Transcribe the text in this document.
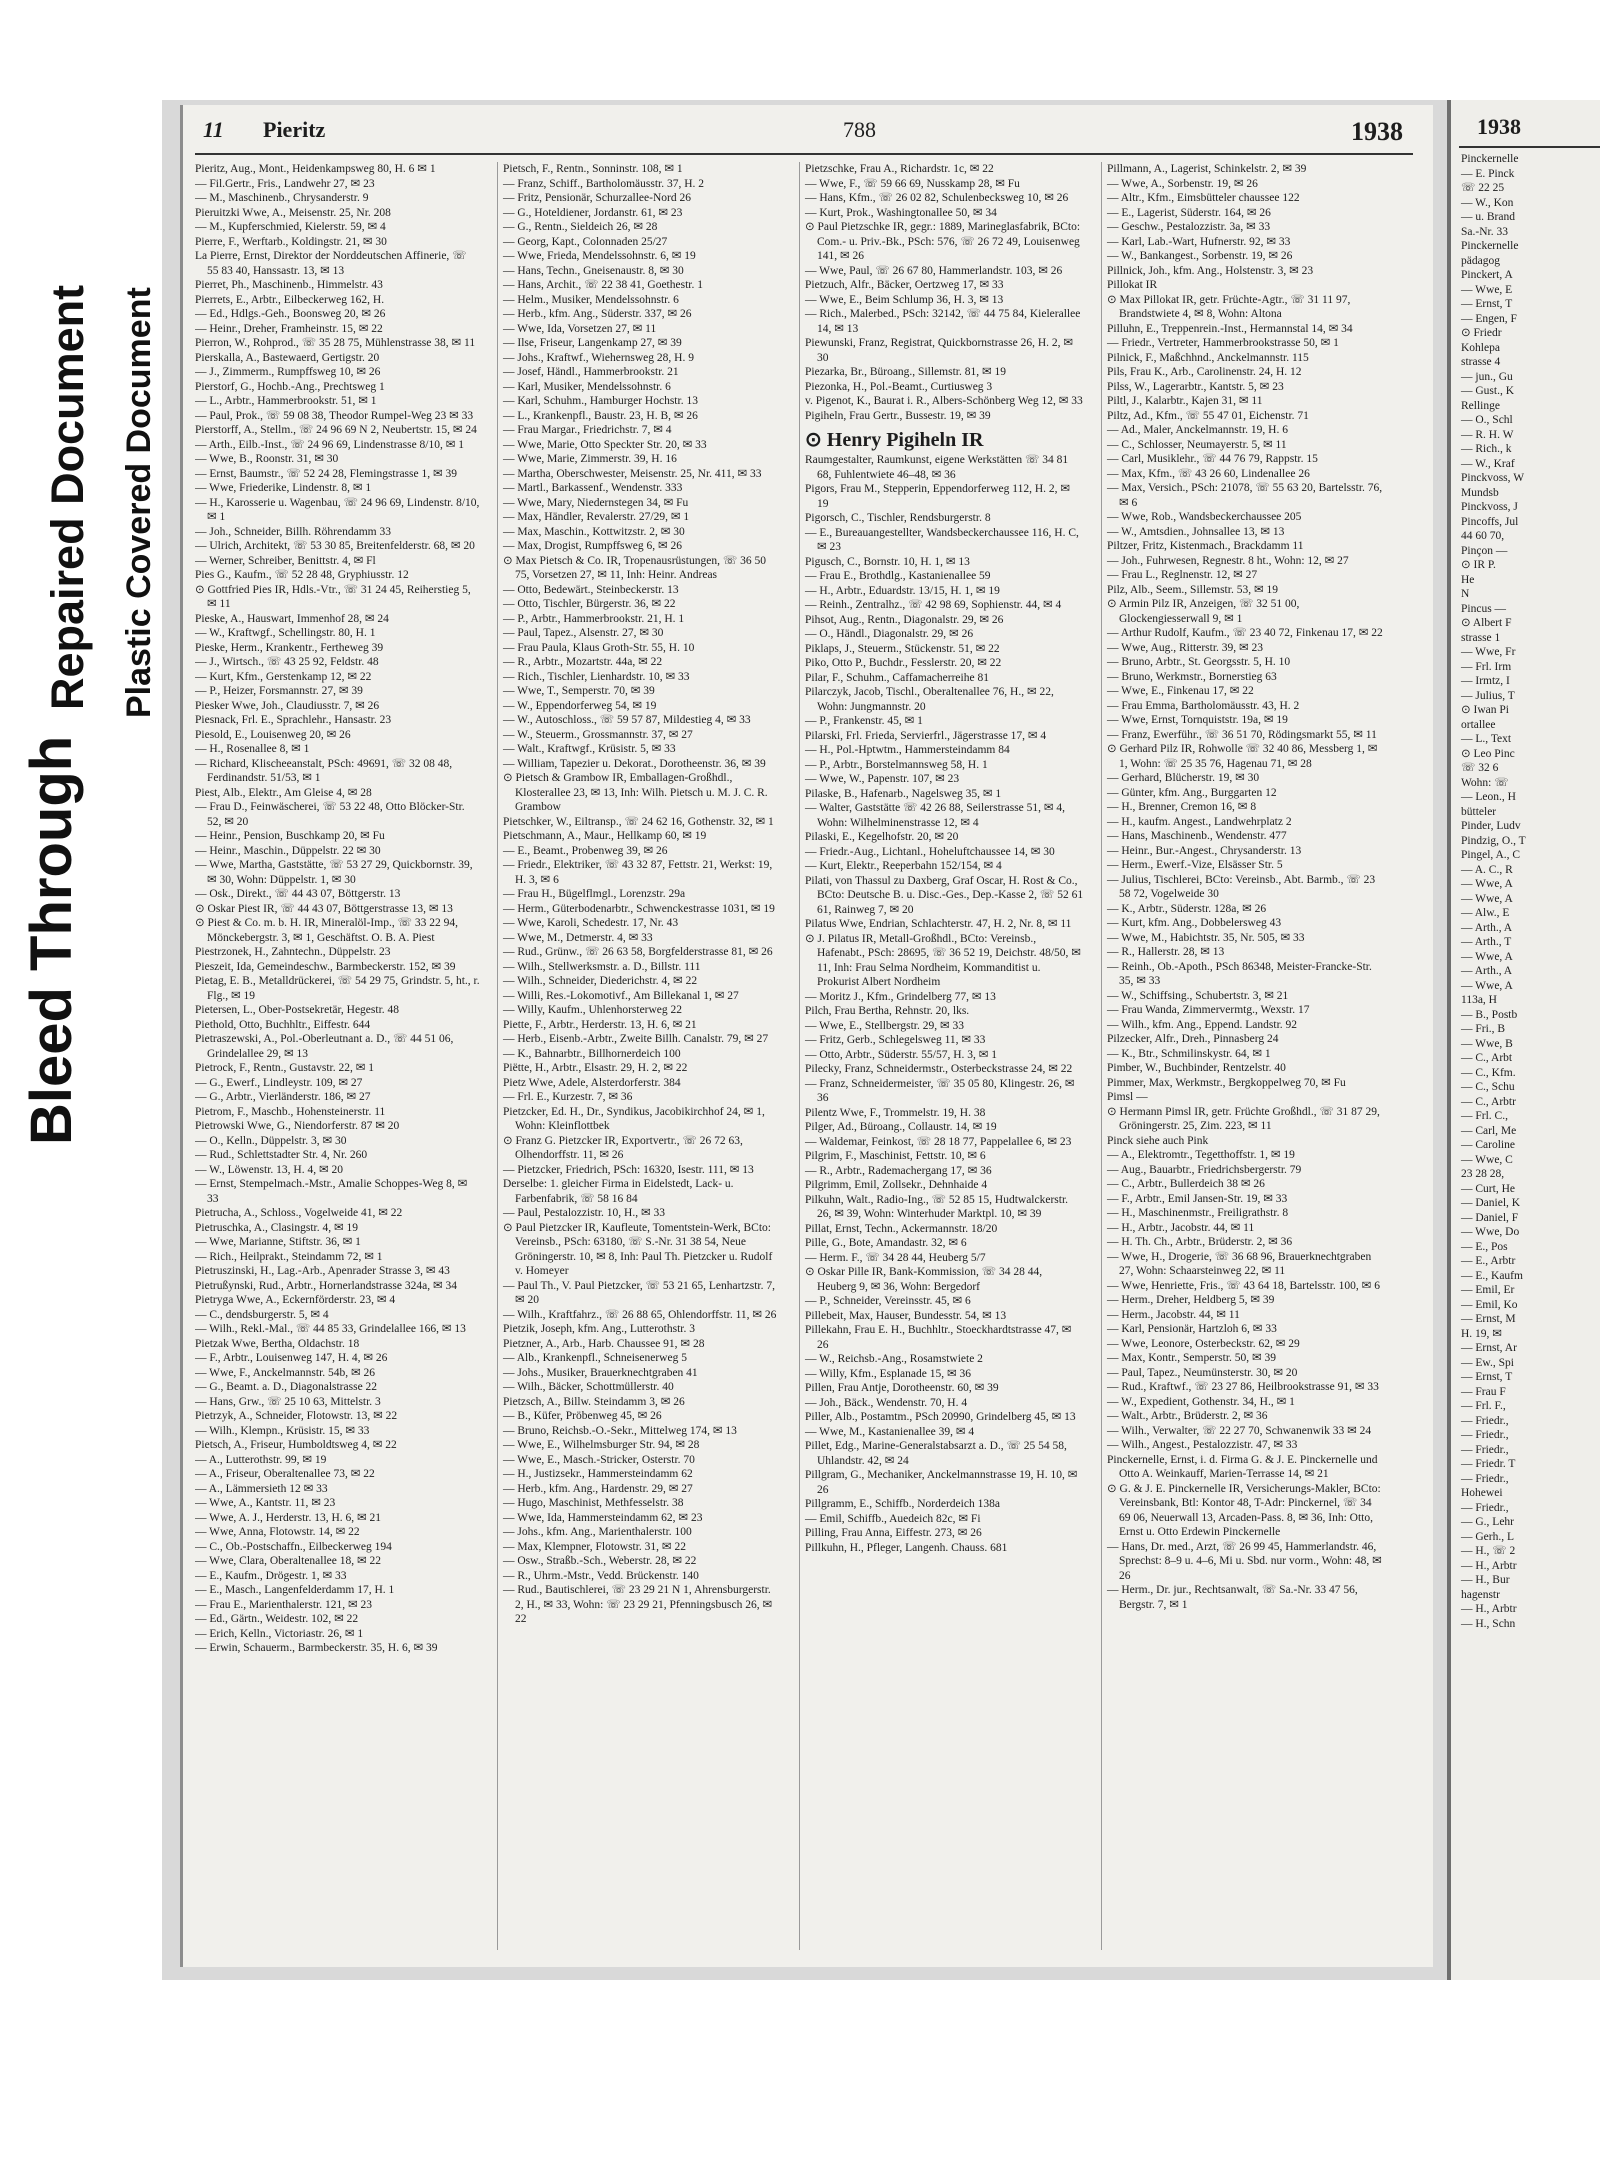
Bleed Through
Repaired Document Plastic Covered Document
11 Pieritz	788	1938
Pieritz, Aug., Mont., Heidenkampsweg 80, H. 6 ✉ 1
— Fil.Gertr., Fris., Landwehr 27, ✉ 23
— M., Maschinenb., Chrysanderstr. 9
Pieruitzki Wwe, A., Meisenstr. 25, Nr. 208
— M., Kupferschmied, Kielerstr. 59, ✉ 4
Pierre, F., Werftarb., Koldingstr. 21, ✉ 30
La Pierre, Ernst, Direktor der Norddeutschen Affinerie, ☏ 55 83 40, Hanssastr. 13, ✉ 13
Pierret, Ph., Maschinenb., Himmelstr. 43
Pierrets, E., Arbtr., Eilbeckerweg 162, H.
— Ed., Hdlgs.-Geh., Boonsweg 20, ✉ 26
— Heinr., Dreher, Framheinstr. 15, ✉ 22
Pierron, W., Rohprod., ☏ 35 28 75, Mühlenstrasse 38, ✉ 11
Pierskalla, A., Bastewaerd, Gertigstr. 20
— J., Zimmerm., Rumpffsweg 10, ✉ 26
Pierstorf, G., Hochb.-Ang., Prechtsweg 1
— L., Arbtr., Hammerbrookstr. 51, ✉ 1
— Paul, Prok., ☏ 59 08 38, Theodor Rumpel-Weg 23 ✉ 33
Pierstorff, A., Stellm., ☏ 24 96 69 N 2, Neubertstr. 15, ✉ 24
— Arth., Eilb.-Inst., ☏ 24 96 69, Lindenstrasse 8/10, ✉ 1
— Wwe, B., Roonstr. 31, ✉ 30
— Ernst, Baumstr., ☏ 52 24 28, Flemingstrasse 1, ✉ 39
— Wwe, Friederike, Lindenstr. 8, ✉ 1
— H., Karosserie u. Wagenbau, ☏ 24 96 69, Lindenstr. 8/10, ✉ 1
— Joh., Schneider, Billh. Röhrendamm 33
— Ulrich, Architekt, ☏ 53 30 85, Breitenfelderstr. 68, ✉ 20
— Werner, Schreiber, Benittstr. 4, ✉ Fl
Pies G., Kaufm., ☏ 52 28 48, Gryphiusstr. 12
⊙ Gottfried Pies IR, Hdls.-Vtr., ☏ 31 24 45, Reiherstieg 5, ✉ 11
Pieske, A., Hauswart, Immenhof 28, ✉ 24
— W., Kraftwgf., Schellingstr. 80, H. 1
Pieske, Herm., Krankentr., Fertheweg 39
— J., Wirtsch., ☏ 43 25 92, Feldstr. 48
— Kurt, Kfm., Gerstenkamp 12, ✉ 22
— P., Heizer, Forsmannstr. 27, ✉ 39
Piesker Wwe, Joh., Claudiusstr. 7, ✉ 26
Piesnack, Frl. E., Sprachlehr., Hansastr. 23
Piesold, E., Louisenweg 20, ✉ 26
— H., Rosenallee 8, ✉ 1
— Richard, Klischeeanstalt, PSch: 49691, ☏ 32 08 48, Ferdinandstr. 51/53, ✉ 1
Piest, Alb., Elektr., Am Gleise 4, ✉ 28
— Frau D., Feinwäscherei, ☏ 53 22 48, Otto Blöcker-Str. 52, ✉ 20
— Heinr., Pension, Buschkamp 20, ✉ Fu
— Heinr., Maschin., Düppelstr. 22 ✉ 30
— Wwe, Martha, Gaststätte, ☏ 53 27 29, Quickbornstr. 39, ✉ 30, Wohn: Düppelstr. 1, ✉ 30
— Osk., Direkt., ☏ 44 43 07, Böttgerstr. 13
⊙ Oskar Piest IR, ☏ 44 43 07, Böttgerstrasse 13, ✉ 13
⊙ Piest & Co. m. b. H. IR, Mineralöl-Imp., ☏ 33 22 94, Mönckebergstr. 3, ✉ 1, Geschäftst. O. B. A. Piest
Piestrzonek, H., Zahntechn., Düppelstr. 23
Pieszeit, Ida, Gemeindeschw., Barmbeckerstr. 152, ✉ 39
Pietag, E. B., Metalldrückerei, ☏ 54 29 75, Grindstr. 5, ht., r. Flg., ✉ 19
Pietersen, L., Ober-Postsekretär, Hegestr. 48
Piethold, Otto, Buchhltr., Eiffestr. 644
Pietraszewski, A., Pol.-Oberleutnant a. D., ☏ 44 51 06, Grindelallee 29, ✉ 13
Pietrock, F., Rentn., Gustavstr. 22, ✉ 1
— G., Ewerf., Lindleystr. 109, ✉ 27
— G., Arbtr., Vierländerstr. 186, ✉ 27
Pietrom, F., Maschb., Hohensteinerstr. 11
Pietrowski Wwe, G., Niendorferstr. 87 ✉ 20
— O., Kelln., Düppelstr. 3, ✉ 30
— Rud., Schlettstadter Str. 4, Nr. 260
— W., Löwenstr. 13, H. 4, ✉ 20
— Ernst, Stempelmach.-Mstr., Amalie Schoppes-Weg 8, ✉ 33
Pietrucha, A., Schloss., Vogelweide 41, ✉ 22
Pietruschka, A., Clasingstr. 4, ✉ 19
— Wwe, Marianne, Stiftstr. 36, ✉ 1
— Rich., Heilprakt., Steindamm 72, ✉ 1
Pietruszinski, H., Lag.-Arb., Apenrader Strasse 3, ✉ 43
Pietrußynski, Rud., Arbtr., Hornerlandstrasse 324a, ✉ 34
Pietryga Wwe, A., Eckernförderstr. 23, ✉ 4
— C., dendsburgerstr. 5, ✉ 4
— Wilh., Rekl.-Mal., ☏ 44 85 33, Grindelallee 166, ✉ 13
Pietzak Wwe, Bertha, Oldachstr. 18
— F., Arbtr., Louisenweg 147, H. 4, ✉ 26
— Wwe, F., Anckelmannstr. 54b, ✉ 26
— G., Beamt. a. D., Diagonalstrasse 22
— Hans, Grw., ☏ 25 10 63, Mittelstr. 3
Pietrzyk, A., Schneider, Flotowstr. 13, ✉ 22
— Wilh., Klempn., Krüsistr. 15, ✉ 33
Pietsch, A., Friseur, Humboldtsweg 4, ✉ 22
— A., Lutterothstr. 99, ✉ 19
— A., Friseur, Oberaltenallee 73, ✉ 22
— A., Lämmersieth 12 ✉ 33
— Wwe, A., Kantstr. 11, ✉ 23
— Wwe, A. J., Herderstr. 13, H. 6, ✉ 21
— Wwe, Anna, Flotowstr. 14, ✉ 22
— C., Ob.-Postschaffn., Eilbeckerweg 194
— Wwe, Clara, Oberaltenallee 18, ✉ 22
— E., Kaufm., Drögestr. 1, ✉ 33
— E., Masch., Langenfelderdamm 17, H. 1
— Frau E., Marienthalerstr. 121, ✉ 23
— Ed., Gärtn., Weidestr. 102, ✉ 22
— Erich, Kelln., Victoriastr. 26, ✉ 1
— Erwin, Schauerm., Barmbeckerstr. 35, H. 6, ✉ 39
Pietsch, F., Rentn., Sonninstr. 108, ✉ 1
— Franz, Schiff., Bartholomäusstr. 37, H. 2
— Fritz, Pensionär, Schurzallee-Nord 26
— G., Hoteldiener, Jordanstr. 61, ✉ 23
— G., Rentn., Sieldeich 26, ✉ 28
— Georg, Kapt., Colonnaden 25/27
— Wwe, Frieda, Mendelssohnstr. 6, ✉ 19
— Hans, Techn., Gneisenaustr. 8, ✉ 30
— Hans, Archit., ☏ 22 38 41, Goethestr. 1
— Helm., Musiker, Mendelssohnstr. 6
— Herb., kfm. Ang., Süderstr. 337, ✉ 26
— Wwe, Ida, Vorsetzen 27, ✉ 11
— Ilse, Friseur, Langenkamp 27, ✉ 39
— Johs., Kraftwf., Wiehernsweg 28, H. 9
— Josef, Händl., Hammerbrookstr. 21
— Karl, Musiker, Mendelssohnstr. 6
— Karl, Schuhm., Hamburger Hochstr. 13
— L., Krankenpfl., Baustr. 23, H. B, ✉ 26
— Frau Margar., Friedrichstr. 7, ✉ 4
— Wwe, Marie, Otto Speckter Str. 20, ✉ 33
— Wwe, Marie, Zimmerstr. 39, H. 16
— Martha, Oberschwester, Meisenstr. 25, Nr. 411, ✉ 33
— Martl., Barkassenf., Wendenstr. 333
— Wwe, Mary, Niedernstegen 34, ✉ Fu
— Max, Händler, Revalerstr. 27/29, ✉ 1
— Max, Maschin., Kottwitzstr. 2, ✉ 30
— Max, Drogist, Rumpffsweg 6, ✉ 26
⊙ Max Pietsch & Co. IR, Tropenausrüstungen, ☏ 36 50 75, Vorsetzen 27, ✉ 11, Inh: Heinr. Andreas
— Otto, Bedewärt., Steinbeckerstr. 13
— Otto, Tischler, Bürgerstr. 36, ✉ 22
— P., Arbtr., Hammerbrookstr. 21, H. 1
— Paul, Tapez., Alsenstr. 27, ✉ 30
— Frau Paula, Klaus Groth-Str. 55, H. 10
— R., Arbtr., Mozartstr. 44a, ✉ 22
— Rich., Tischler, Lienhardstr. 10, ✉ 33
— Wwe, T., Semperstr. 70, ✉ 39
— W., Eppendorferweg 54, ✉ 19
— W., Autoschloss., ☏ 59 57 87, Mildestieg 4, ✉ 33
— W., Steuerm., Grossmannstr. 37, ✉ 27
— Walt., Kraftwgf., Krüsistr. 5, ✉ 33
— William, Tapezier u. Dekorat., Dorotheenstr. 36, ✉ 39
⊙ Pietsch & Grambow IR, Emballagen-Großhdl., Klosterallee 23, ✉ 13, Inh: Wilh. Pietsch u. M. J. C. R. Grambow
Pietschker, W., Eiltransp., ☏ 24 62 16, Gothenstr. 32, ✉ 1
Pietschmann, A., Maur., Hellkamp 60, ✉ 19
— E., Beamt., Probenweg 39, ✉ 26
— Friedr., Elektriker, ☏ 43 32 87, Fettstr. 21, Werkst: 19, H. 3, ✉ 6
— Frau H., Bügelflmgl., Lorenzstr. 29a
— Herm., Güterbodenarbtr., Schwenckestrasse 1031, ✉ 19
— Wwe, Karoli, Schedestr. 17, Nr. 43
— Wwe, M., Detmerstr. 4, ✉ 33
— Rud., Grünw., ☏ 26 63 58, Borgfelderstrasse 81, ✉ 26
— Wilh., Stellwerksmstr. a. D., Billstr. 111
— Wilh., Schneider, Diederichstr. 4, ✉ 22
— Willi, Res.-Lokomotivf., Am Billekanal 1, ✉ 27
— Willy, Kaufm., Uhlenhorsterweg 22
Piette, F., Arbtr., Herderstr. 13, H. 6, ✉ 21
— Herb., Eisenb.-Arbtr., Zweite Billh. Canalstr. 79, ✉ 27
— K., Bahnarbtr., Billhornerdeich 100
Piëtte, H., Arbtr., Elsastr. 29, H. 2, ✉ 22
Pietz Wwe, Adele, Alsterdorferstr. 384
— Frl. E., Kurzestr. 7, ✉ 36
Pietzcker, Ed. H., Dr., Syndikus, Jacobikirchhof 24, ✉ 1, Wohn: Kleinflottbek
⊙ Franz G. Pietzcker IR, Exportvertr., ☏ 26 72 63, Olhendorffstr. 11, ✉ 26
— Pietzcker, Friedrich, PSch: 16320, Isestr. 111, ✉ 13
Derselbe: 1. gleicher Firma in Eidelstedt, Lack- u. Farbenfabrik, ☏ 58 16 84
— Paul, Pestalozzistr. 10, H., ✉ 33
⊙ Paul Pietzcker IR, Kaufleute, Tomentstein-Werk, BCto: Vereinsb., PSch: 63180, ☏ S.-Nr. 31 38 54, Neue Gröningerstr. 10, ✉ 8, Inh: Paul Th. Pietzcker u. Rudolf v. Homeyer
— Paul Th., V. Paul Pietzcker, ☏ 53 21 65, Lenhartzstr. 7, ✉ 20
— Wilh., Kraftfahrz., ☏ 26 88 65, Ohlendorffstr. 11, ✉ 26
Pietzik, Joseph, kfm. Ang., Lutterothstr. 3
Pietzner, A., Arb., Harb. Chaussee 91, ✉ 28
— Alb., Krankenpfl., Schneisenerweg 5
— Johs., Musiker, Brauerknechtgraben 41
— Wilh., Bäcker, Schottmüllerstr. 40
Pietzsch, A., Billw. Steindamm 3, ✉ 26
— B., Küfer, Pröbenweg 45, ✉ 26
— Bruno, Reichsb.-O.-Sekr., Mittelweg 174, ✉ 13
— Wwe, E., Wilhelmsburger Str. 94, ✉ 28
— Wwe, E., Masch.-Stricker, Osterstr. 70
— H., Justizsekr., Hammersteindamm 62
— Herb., kfm. Ang., Hardenstr. 29, ✉ 27
— Hugo, Maschinist, Methfesselstr. 38
— Wwe, Ida, Hammersteindamm 62, ✉ 23
— Johs., kfm. Ang., Marienthalerstr. 100
— Max, Klempner, Flotowstr. 31, ✉ 22
— Osw., Straßb.-Sch., Weberstr. 28, ✉ 22
— R., Uhrm.-Mstr., Vedd. Brückenstr. 140
— Rud., Bautischlerei, ☏ 23 29 21 N 1, Ahrensburgerstr. 2, H., ✉ 33, Wohn: ☏ 23 29 21, Pfenningsbusch 26, ✉ 22
Pietzschke, Frau A., Richardstr. 1c, ✉ 22
— Wwe, F., ☏ 59 66 69, Nusskamp 28, ✉ Fu
— Hans, Kfm., ☏ 26 02 82, Schulenbecksweg 10, ✉ 26
— Kurt, Prok., Washingtonallee 50, ✉ 34
⊙ Paul Pietzschke IR, gegr.: 1889, Marineglasfabrik, BCto: Com.- u. Priv.-Bk., PSch: 576, ☏ 26 72 49, Louisenweg 141, ✉ 26
— Wwe, Paul, ☏ 26 67 80, Hammerlandstr. 103, ✉ 26
Pietzuch, Alfr., Bäcker, Oertzweg 17, ✉ 33
— Wwe, E., Beim Schlump 36, H. 3, ✉ 13
— Rich., Malerbed., PSch: 32142, ☏ 44 75 84, Kielerallee 14, ✉ 13
Piewunski, Franz, Registrat, Quickbornstrasse 26, H. 2, ✉ 30
Piezarka, Br., Büroang., Sillemstr. 81, ✉ 19
Piezonka, H., Pol.-Beamt., Curtiusweg 3
v. Pigenot, K., Baurat i. R., Albers-Schönberg Weg 12, ✉ 33
Pigiheln, Frau Gertr., Bussestr. 19, ✉ 39
⊙ Henry Pigiheln IR
Raumgestalter, Raumkunst, eigene Werkstätten ☏ 34 81 68, Fuhlentwiete 46–48, ✉ 36
Pigors, Frau M., Stepperin, Eppendorferweg 112, H. 2, ✉ 19
Pigorsch, C., Tischler, Rendsburgerstr. 8
— E., Bureauangestellter, Wandsbeckerchaussee 116, H. C, ✉ 23
Pigusch, C., Bornstr. 10, H. 1, ✉ 13
— Frau E., Brothdlg., Kastanienallee 59
— H., Arbtr., Eduardstr. 13/15, H. 1, ✉ 19
— Reinh., Zentralhz., ☏ 42 98 69, Sophienstr. 44, ✉ 4
Pihsot, Aug., Rentn., Diagonalstr. 29, ✉ 26
— O., Händl., Diagonalstr. 29, ✉ 26
Piklaps, J., Steuerm., Stückenstr. 51, ✉ 22
Piko, Otto P., Buchdr., Fesslerstr. 20, ✉ 22
Pilar, F., Schuhm., Caffamacherreihe 81
Pilarczyk, Jacob, Tischl., Oberaltenallee 76, H., ✉ 22, Wohn: Jungmannstr. 20
— P., Frankenstr. 45, ✉ 1
Pilarski, Frl. Frieda, Servierfrl., Jägerstrasse 17, ✉ 4
— H., Pol.-Hptwtm., Hammersteindamm 84
— P., Arbtr., Borstelmannsweg 58, H. 1
— Wwe, W., Papenstr. 107, ✉ 23
Pilaske, B., Hafenarb., Nagelsweg 35, ✉ 1
— Walter, Gaststätte ☏ 42 26 88, Seilerstrasse 51, ✉ 4, Wohn: Wilhelminenstrasse 12, ✉ 4
Pilaski, E., Kegelhofstr. 20, ✉ 20
— Friedr.-Aug., Lichtanl., Hoheluftchaussee 14, ✉ 30
— Kurt, Elektr., Reeperbahn 152/154, ✉ 4
Pilati, von Thassul zu Daxberg, Graf Oscar, H. Rost & Co., BCto: Deutsche B. u. Disc.-Ges., Dep.-Kasse 2, ☏ 52 61 61, Rainweg 7, ✉ 20
Pilatus Wwe, Endrian, Schlachterstr. 47, H. 2, Nr. 8, ✉ 11
⊙ J. Pilatus IR, Metall-Großhdl., BCto: Vereinsb., Hafenabt., PSch: 28695, ☏ 36 52 19, Deichstr. 48/50, ✉ 11, Inh: Frau Selma Nordheim, Kommanditist u. Prokurist Albert Nordheim
— Moritz J., Kfm., Grindelberg 77, ✉ 13
Pilch, Frau Bertha, Rehnstr. 20, lks.
— Wwe, E., Stellbergstr. 29, ✉ 33
— Fritz, Gerb., Schlegelsweg 11, ✉ 33
— Otto, Arbtr., Süderstr. 55/57, H. 3, ✉ 1
Pilecky, Franz, Schneidermstr., Osterbeckstrasse 24, ✉ 22
— Franz, Schneidermeister, ☏ 35 05 80, Klingestr. 26, ✉ 36
Pilentz Wwe, F., Trommelstr. 19, H. 38
Pilger, Ad., Büroang., Collaustr. 14, ✉ 19
— Waldemar, Feinkost, ☏ 28 18 77, Pappelallee 6, ✉ 23
Pilgrim, F., Maschinist, Fettstr. 10, ✉ 6
— R., Arbtr., Rademachergang 17, ✉ 36
Pilgrimm, Emil, Zollsekr., Dehnhaide 4
Pilkuhn, Walt., Radio-Ing., ☏ 52 85 15, Hudtwalckerstr. 26, ✉ 39, Wohn: Winterhuder Marktpl. 10, ✉ 39
Pillat, Ernst, Techn., Ackermannstr. 18/20
Pille, G., Bote, Amandastr. 32, ✉ 6
— Herm. F., ☏ 34 28 44, Heuberg 5/7
⊙ Oskar Pille IR, Bank-Kommission, ☏ 34 28 44, Heuberg 9, ✉ 36, Wohn: Bergedorf
— P., Schneider, Vereinsstr. 45, ✉ 6
Pillebeit, Max, Hauser, Bundesstr. 54, ✉ 13
Pillekahn, Frau E. H., Buchhltr., Stoeckhardtstrasse 47, ✉ 26
— W., Reichsb.-Ang., Rosamstwiete 2
— Willy, Kfm., Esplanade 15, ✉ 36
Pillen, Frau Antje, Dorotheenstr. 60, ✉ 39
— Joh., Bäck., Wendenstr. 70, H. 4
Piller, Alb., Postamtm., PSch 20990, Grindelberg 45, ✉ 13
— Wwe, M., Kastanienallee 39, ✉ 4
Pillet, Edg., Marine-Generalstabsarzt a. D., ☏ 25 54 58, Uhlandstr. 42, ✉ 24
Pillgram, G., Mechaniker, Anckelmannstrasse 19, H. 10, ✉ 26
Pillgramm, E., Schiffb., Norderdeich 138a
— Emil, Schiffb., Auedeich 82c, ✉ Fi
Pilling, Frau Anna, Eiffestr. 273, ✉ 26
Pillkuhn, H., Pfleger, Langenh. Chauss. 681
Pillmann, A., Lagerist, Schinkelstr. 2, ✉ 39
— Wwe, A., Sorbenstr. 19, ✉ 26
— Altr., Kfm., Eimsbütteler chaussee 122
— E., Lagerist, Süderstr. 164, ✉ 26
— Geschw., Pestalozzistr. 3a, ✉ 33
— Karl, Lab.-Wart, Hufnerstr. 92, ✉ 33
— W., Bankangest., Sorbenstr. 19, ✉ 26
Pillnick, Joh., kfm. Ang., Holstenstr. 3, ✉ 23
Pillokat IR
⊙ Max Pillokat IR, getr. Früchte-Agtr., ☏ 31 11 97, Brandstwiete 4, ✉ 8, Wohn: Altona
Pilluhn, E., Treppenrein.-Inst., Hermannstal 14, ✉ 34
— Friedr., Vertreter, Hammerbrookstrasse 50, ✉ 1
Pilnick, F., Maßchhnd., Anckelmannstr. 115
Pils, Frau K., Arb., Carolinenstr. 24, H. 12
Pilss, W., Lagerarbtr., Kantstr. 5, ✉ 23
Piltl, J., Kalarbtr., Kajen 31, ✉ 11
Piltz, Ad., Kfm., ☏ 55 47 01, Eichenstr. 71
— Ad., Maler, Anckelmannstr. 19, H. 6
— C., Schlosser, Neumayerstr. 5, ✉ 11
— Carl, Musiklehr., ☏ 44 76 79, Rappstr. 15
— Max, Kfm., ☏ 43 26 60, Lindenallee 26
— Max, Versich., PSch: 21078, ☏ 55 63 20, Bartelsstr. 76, ✉ 6
— Wwe, Rob., Wandsbeckerchaussee 205
— W., Amtsdien., Johnsallee 13, ✉ 13
Piltzer, Fritz, Kistenmach., Brackdamm 11
— Joh., Fuhrwesen, Regnestr. 8 ht., Wohn: 12, ✉ 27
— Frau L., Reglnenstr. 12, ✉ 27
Pilz, Alb., Seem., Sillemstr. 53, ✉ 19
⊙ Armin Pilz IR, Anzeigen, ☏ 32 51 00, Glockengiesserwall 9, ✉ 1
— Arthur Rudolf, Kaufm., ☏ 23 40 72, Finkenau 17, ✉ 22
— Wwe, Aug., Ritterstr. 39, ✉ 23
— Bruno, Arbtr., St. Georgsstr. 5, H. 10
— Bruno, Werkmstr., Bornerstieg 63
— Wwe, E., Finkenau 17, ✉ 22
— Frau Emma, Bartholomäusstr. 43, H. 2
— Wwe, Ernst, Tornquiststr. 19a, ✉ 19
— Franz, Ewerführ., ☏ 36 51 70, Rödingsmarkt 55, ✉ 11
⊙ Gerhard Pilz IR, Rohwolle ☏ 32 40 86, Messberg 1, ✉ 1, Wohn: ☏ 25 35 76, Hagenau 71, ✉ 28
— Gerhard, Blücherstr. 19, ✉ 30
— Günter, kfm. Ang., Burggarten 12
— H., Brenner, Cremon 16, ✉ 8
— H., kaufm. Angest., Landwehrplatz 2
— Hans, Maschinenb., Wendenstr. 477
— Heinr., Bur.-Angest., Chrysanderstr. 13
— Herm., Ewerf.-Vize, Elsässer Str. 5
— Julius, Tischlerei, BCto: Vereinsb., Abt. Barmb., ☏ 23 58 72, Vogelweide 30
— K., Arbtr., Süderstr. 128a, ✉ 26
— Kurt, kfm. Ang., Dobbelersweg 43
— Wwe, M., Habichtstr. 35, Nr. 505, ✉ 33
— R., Hallerstr. 28, ✉ 13
— Reinh., Ob.-Apoth., PSch 86348, Meister-Francke-Str. 35, ✉ 33
— W., Schiffsing., Schubertstr. 3, ✉ 21
— Frau Wanda, Zimmervermtg., Wexstr. 17
— Wilh., kfm. Ang., Eppend. Landstr. 92
Pilzecker, Alfr., Dreh., Pinnasberg 24
— K., Btr., Schmilinskystr. 64, ✉ 1
Pimber, W., Buchbinder, Rentzelstr. 40
Pimmer, Max, Werkmstr., Bergkoppelweg 70, ✉ Fu
Pimsl —
⊙ Hermann Pimsl IR, getr. Früchte Großhdl., ☏ 31 87 29, Gröningerstr. 25, Zim. 223, ✉ 11
Pinck siehe auch Pink
— A., Elektromtr., Tegetthoffstr. 1, ✉ 19
— Aug., Bauarbtr., Friedrichsbergerstr. 79
— C., Arbtr., Bullerdeich 38 ✉ 26
— F., Arbtr., Emil Jansen-Str. 19, ✉ 33
— H., Maschinenmstr., Freiligrathstr. 8
— H., Arbtr., Jacobstr. 44, ✉ 11
— H. Th. Ch., Arbtr., Brüderstr. 2, ✉ 36
— Wwe, H., Drogerie, ☏ 36 68 96, Brauerknechtgraben 27, Wohn: Schaarsteinweg 22, ✉ 11
— Wwe, Henriette, Fris., ☏ 43 64 18, Bartelsstr. 100, ✉ 6
— Herm., Dreher, Heldberg 5, ✉ 39
— Herm., Jacobstr. 44, ✉ 11
— Karl, Pensionär, Hartzloh 6, ✉ 33
— Wwe, Leonore, Osterbeckstr. 62, ✉ 29
— Max, Kontr., Semperstr. 50, ✉ 39
— Paul, Tapez., Neumünsterstr. 30, ✉ 20
— Rud., Kraftwf., ☏ 23 27 86, Heilbrookstrasse 91, ✉ 33
— W., Expedient, Gothenstr. 34, H., ✉ 1
— Walt., Arbtr., Brüderstr. 2, ✉ 36
— Wilh., Verwalter, ☏ 22 27 70, Schwanenwik 33 ✉ 24
— Wilh., Angest., Pestalozzistr. 47, ✉ 33
Pinckernelle, Ernst, i. d. Firma G. & J. E. Pinckernelle und Otto A. Weinkauff, Marien-Terrasse 14, ✉ 21
⊙ G. & J. E. Pinckernelle IR, Versicherungs-Makler, BCto: Vereinsbank, Btl: Kontor 48, T-Adr: Pinckernel, ☏ 34 69 06, Neuerwall 13, Arcaden-Pass. 8, ✉ 36, Inh: Otto, Ernst u. Otto Erdewin Pinckernelle
— Hans, Dr. med., Arzt, ☏ 26 99 45, Hammerlandstr. 46, Sprechst: 8–9 u. 4–6, Mi u. Sbd. nur vorm., Wohn: 48, ✉ 26
— Herm., Dr. jur., Rechtsanwalt, ☏ Sa.-Nr. 33 47 56, Bergstr. 7, ✉ 1
1938
Pinckernelle
— E. Pinck
☏ 22 25
— W., Kon
— u. Brand
Sa.-Nr. 33
Pinckernelle
pädagog
Pinckert, A
— Wwe, E
— Ernst, T
— Engen, F
⊙ Friedr
Kohlepa
strasse 4
— jun., Gu
— Gust., K
Rellinge
— O., Schl
— R. H. W
— Rich., k
— W., Kraf
Pinckvoss, W
Mundsb
Pinckvoss, J
Pincoffs, Jul
44 60 70,
Pinçon —
⊙ IR P.
He
N
Pincus —
⊙ Albert F
strasse 1
— Wwe, Fr
— Frl. Irm
— Irmtz, I
— Julius, T
⊙ Iwan Pi
ortallee
— L., Text
⊙ Leo Pinc
☏ 32 6
Wohn: ☏
— Leon., H
bütteler
Pinder, Ludv
Pindzig, O., T
Pingel, A., C
— A. C., R
— Wwe, A
— Wwe, A
— Alw., E
— Arth., A
— Arth., T
— Wwe, A
— Arth., A
— Wwe, A
113a, H
— B., Postb
— Fri., B
— Wwe, B
— C., Arbt
— C., Kfm.
— C., Schu
— C., Arbtr
— Frl. C.,
— Carl, Me
— Caroline
— Wwe, C
23 28 28,
— Curt, He
— Daniel, K
— Daniel, F
— Wwe, Do
— E., Pos
— E., Arbtr
— E., Kaufm
— Emil, Er
— Emil, Ko
— Ernst, M
H. 19, ✉
— Ernst, Ar
— Ew., Spi
— Ernst, T
— Frau F
— Frl. F.,
— Friedr.,
— Friedr.,
— Friedr.,
— Friedr. T
— Friedr.,
Hohewei
— Friedr.,
— G., Lehr
— Gerh., L
— H., ☏ 2
— H., Arbtr
— H., Bur
hagenstr
— H., Arbtr
— H., Schn
